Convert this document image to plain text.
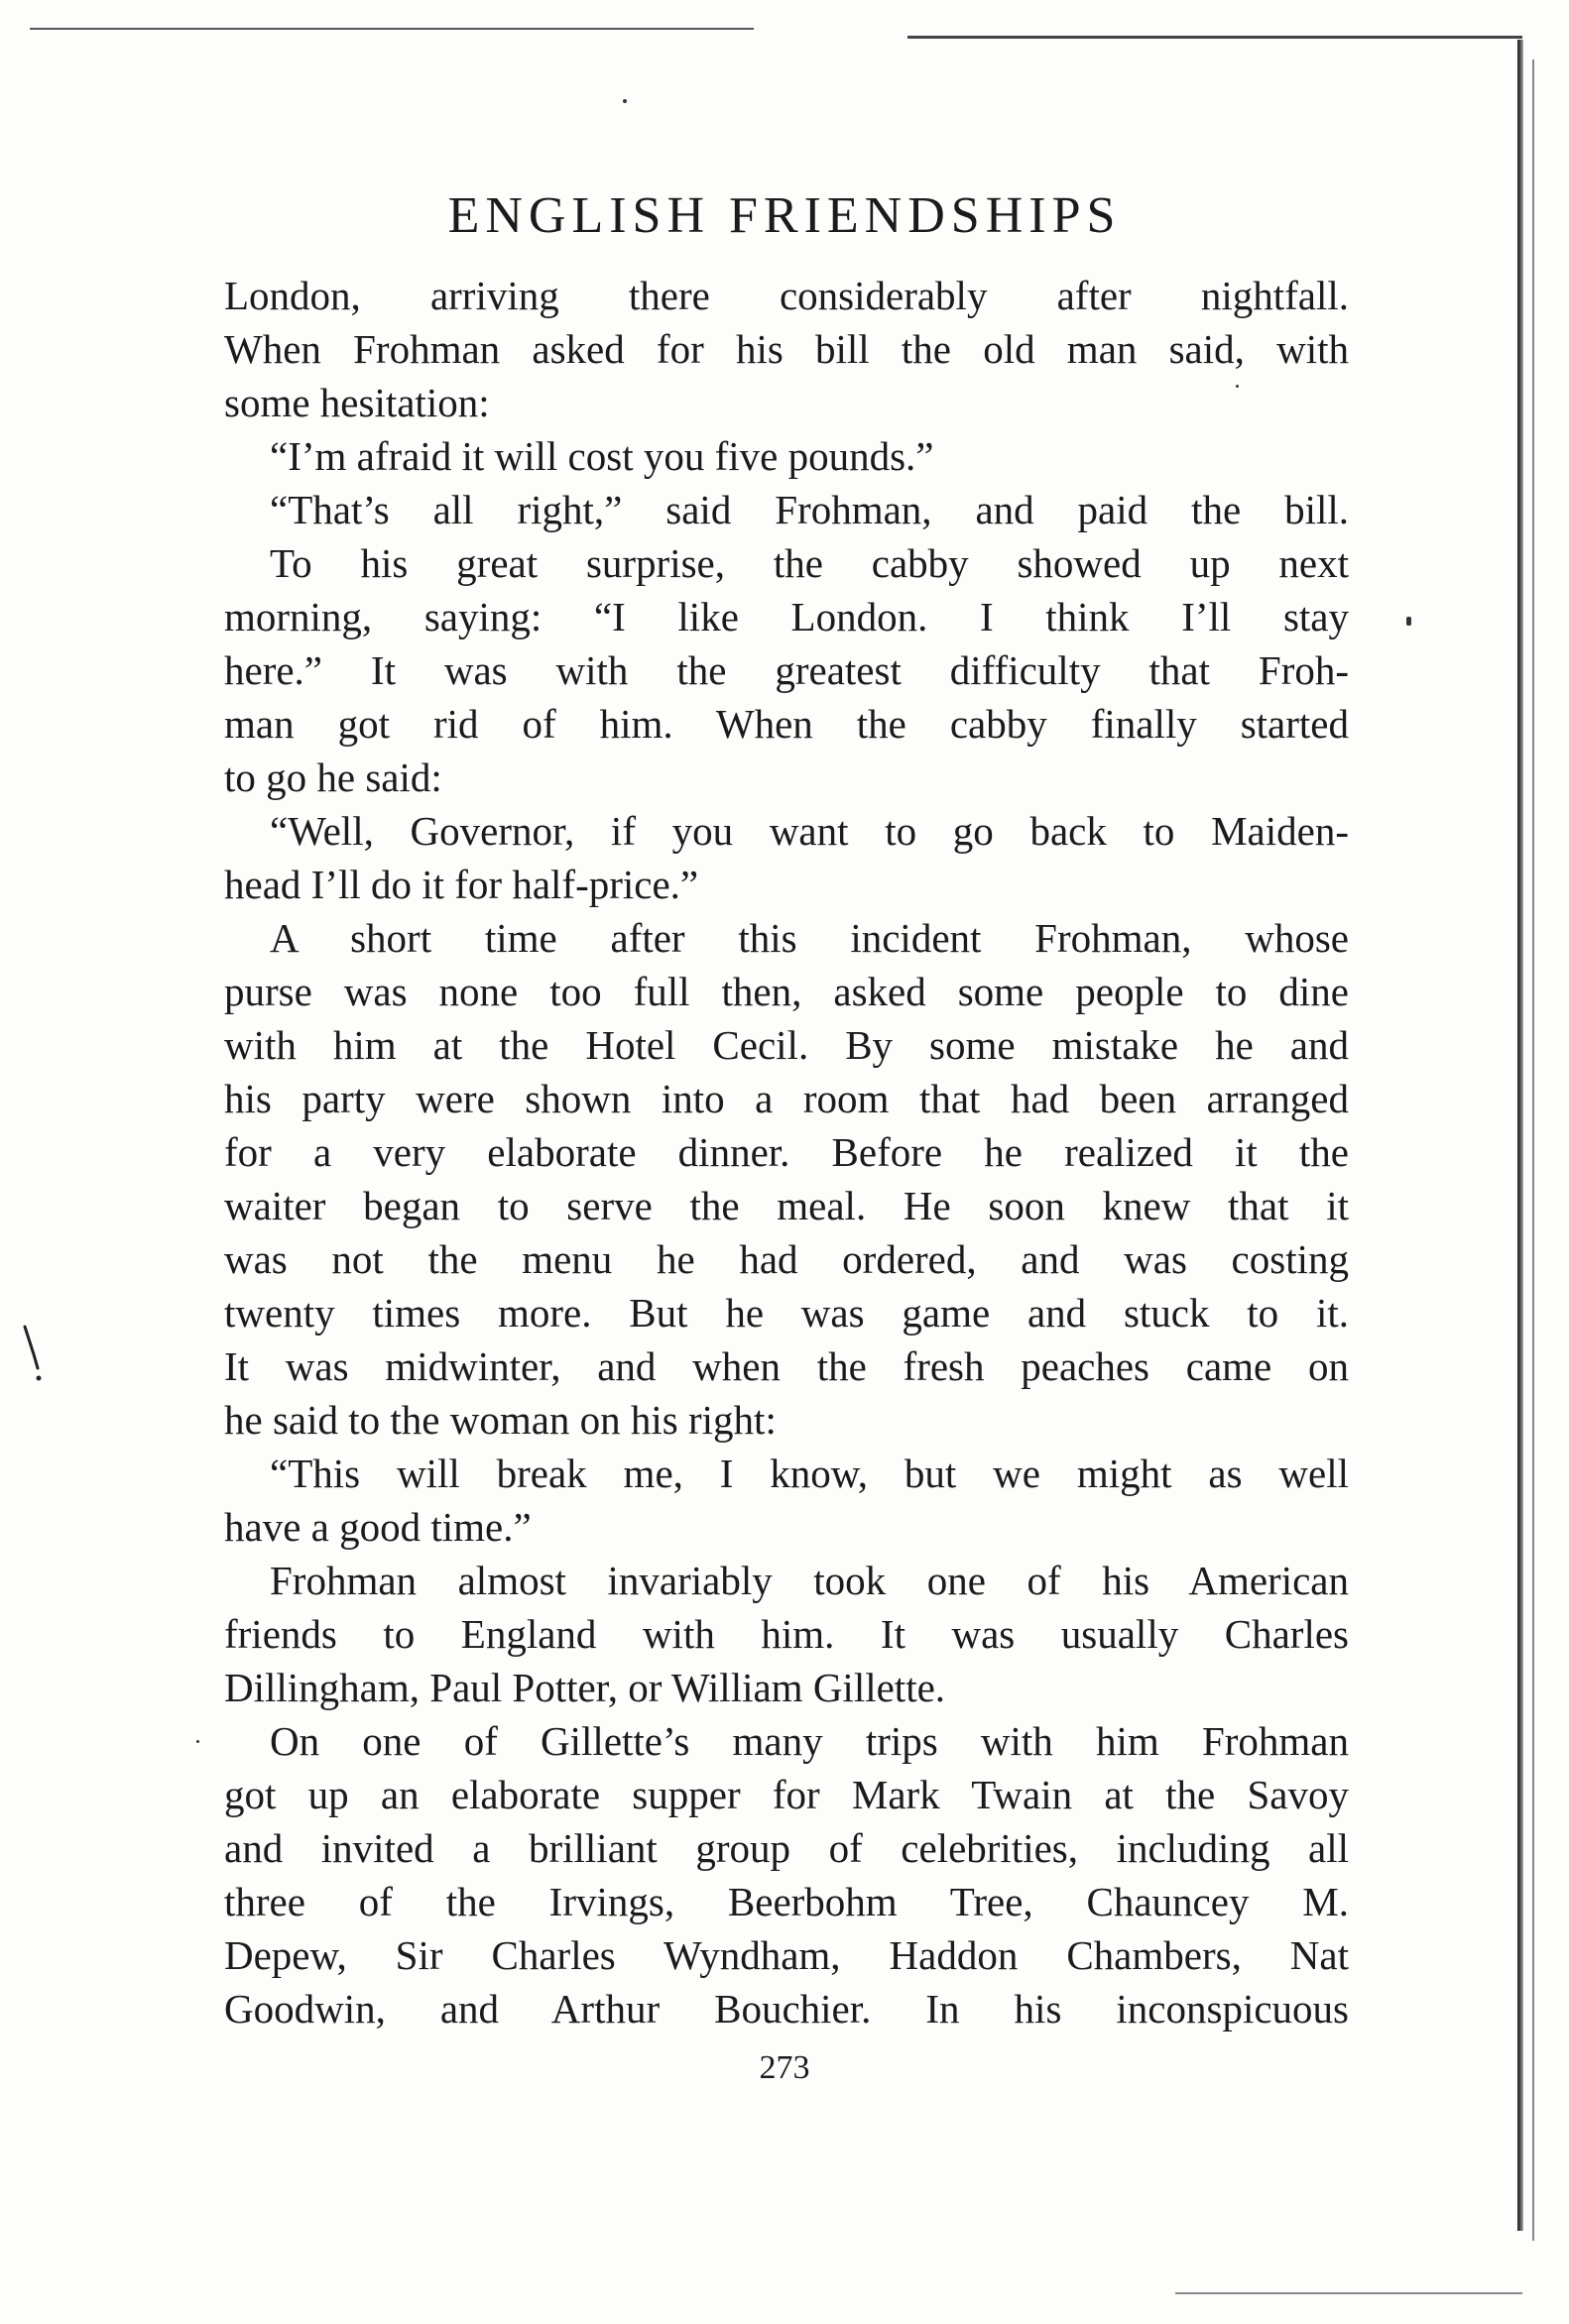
ENGLISH FRIENDSHIPS
London, arriving there considerably after nightfall.
When Frohman asked for his bill the old man said, with
some hesitation:
“I’m afraid it will cost you five pounds.”
“That’s all right,” said Frohman, and paid the bill.
To his great surprise, the cabby showed up next
morning, saying: “I like London. I think I’ll stay
here.” It was with the greatest difficulty that Froh-
man got rid of him. When the cabby finally started
to go he said:
“Well, Governor, if you want to go back to Maiden-
head I’ll do it for half-price.”
A short time after this incident Frohman, whose
purse was none too full then, asked some people to dine
with him at the Hotel Cecil. By some mistake he and
his party were shown into a room that had been arranged
for a very elaborate dinner. Before he realized it the
waiter began to serve the meal. He soon knew that it
was not the menu he had ordered, and was costing
twenty times more. But he was game and stuck to it.
It was midwinter, and when the fresh peaches came on
he said to the woman on his right:
“This will break me, I know, but we might as well
have a good time.”
Frohman almost invariably took one of his American
friends to England with him. It was usually Charles
Dillingham, Paul Potter, or William Gillette.
On one of Gillette’s many trips with him Frohman
got up an elaborate supper for Mark Twain at the Savoy
and invited a brilliant group of celebrities, including all
three of the Irvings, Beerbohm Tree, Chauncey M.
Depew, Sir Charles Wyndham, Haddon Chambers, Nat
Goodwin, and Arthur Bouchier. In his inconspicuous
273
